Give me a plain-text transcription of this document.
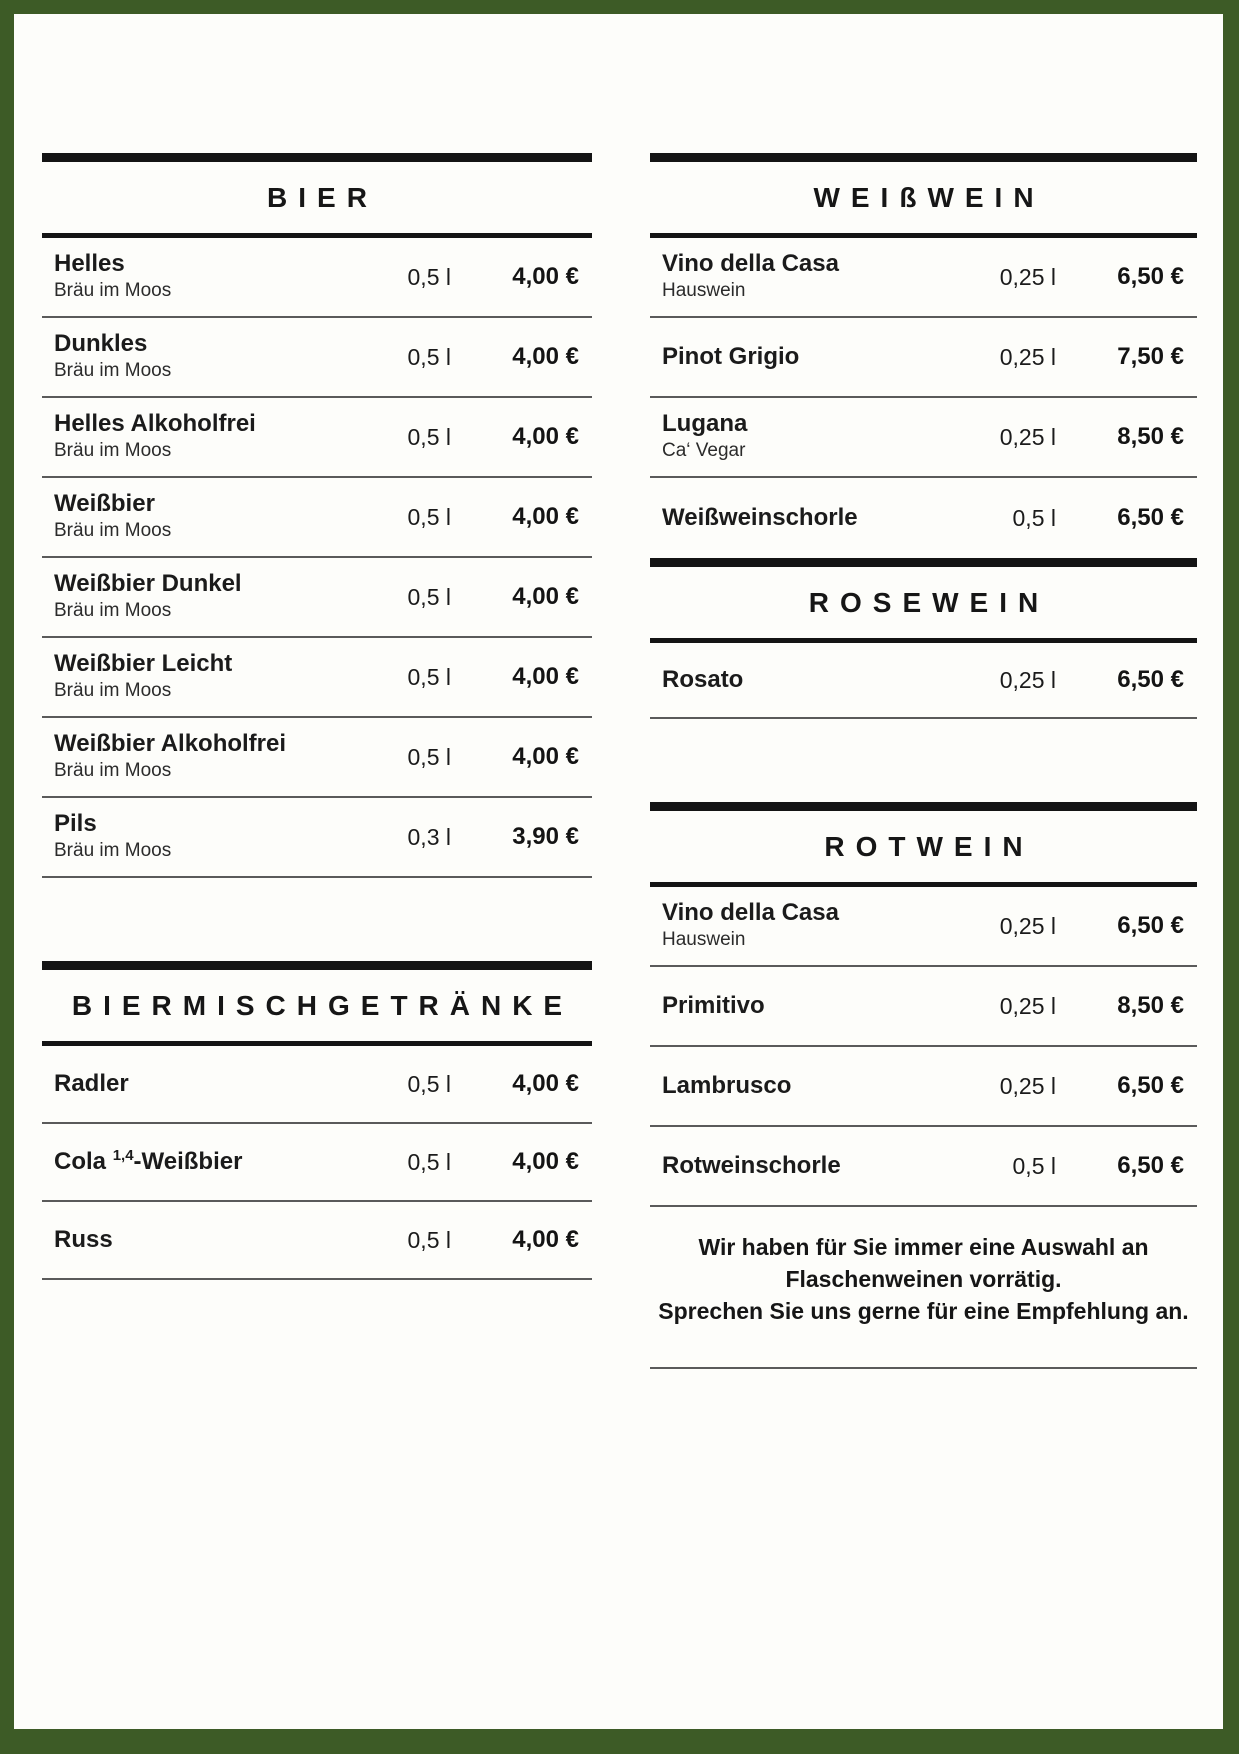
BIER
Helles
Bräu im Moos
0,5 l	4,00 €
Dunkles
Bräu im Moos
0,5 l	4,00 €
Helles Alkoholfrei
Bräu im Moos
0,5 l	4,00 €
Weißbier
Bräu im Moos
0,5 l	4,00 €
Weißbier Dunkel
Bräu im Moos
0,5 l	4,00 €
Weißbier Leicht
Bräu im Moos
0,5 l	4,00 €
Weißbier Alkoholfrei
Bräu im Moos
0,5 l	4,00 €
Pils
Bräu im Moos
0,3 l	3,90 €
BIERMISCHGETRÄNKE
Radler	0,5 l	4,00 €
Cola $^{1,4}$-Weißbier	0,5 l	4,00 €
Russ	0,5 l	4,00 €
WEIßWEIN
Vino della Casa
Hauswein
0,25 l	6,50 €
Pinot Grigio	0,25 l	7,50 €
Lugana
Ca‘ Vegar
0,25 l	8,50 €
Weißweinschorle	0,5 l	6,50 €
ROSEWEIN
Rosato	0,25 l	6,50 €
ROTWEIN
Vino della Casa
Hauswein
0,25 l	6,50 €
Primitivo	0,25 l	8,50 €
Lambrusco	0,25 l	6,50 €
Rotweinschorle	0,5 l	6,50 €
Wir haben für Sie immer eine Auswahl an
Flaschenweinen vorrätig.
Sprechen Sie uns gerne für eine Empfehlung an.
